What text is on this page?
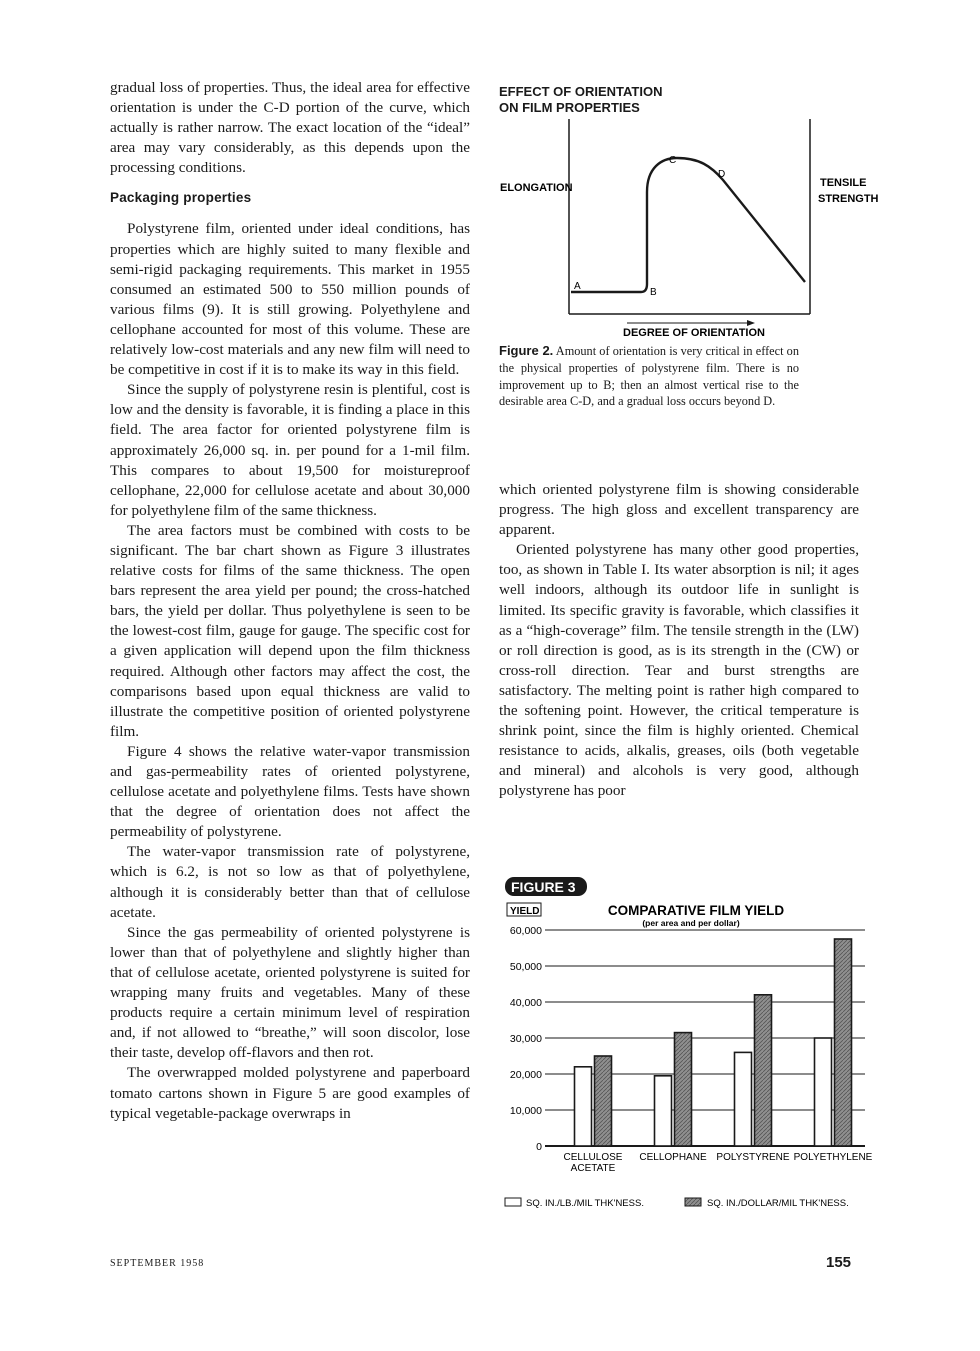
gradual loss of properties. Thus, the ideal area for effective orientation is under the C-D portion of the curve, which actually is rather narrow. The exact location of the “ideal” area may vary considerably, as this depends upon the processing conditions.

Packaging properties

Polystyrene film, oriented under ideal conditions, has properties which are highly suited to many flexible and semi-rigid packaging requirements. This market in 1955 consumed an estimated 500 to 550 million pounds of various films (9). It is still growing. Polyethylene and cellophane accounted for most of this volume. These are relatively low-cost materials and any new film will need to be competitive in cost if it is to make its way in this field.

Since the supply of polystyrene resin is plentiful, cost is low and the density is favorable, it is finding a place in this field. The area factor for oriented polystyrene film is approximately 26,000 sq. in. per pound for a 1-mil film. This compares to about 19,500 for moistureproof cellophane, 22,000 for cellulose acetate and about 30,000 for polyethylene film of the same thickness.

The area factors must be combined with costs to be significant. The bar chart shown as Figure 3 illustrates relative costs for films of the same thickness. The open bars represent the area yield per pound; the cross-hatched bars, the yield per dollar. Thus polyethylene is seen to be the lowest-cost film, gauge for gauge. The specific cost for a given application will depend upon the film thickness required. Although other factors may affect the cost, the comparisons based upon equal thickness are valid to illustrate the competitive position of oriented polystyrene film.

Figure 4 shows the relative water-vapor transmission and gas-permeability rates of oriented polystyrene, cellulose acetate and polyethylene films. Tests have shown that the degree of orientation does not affect the permeability of polystyrene.

The water-vapor transmission rate of polystyrene, which is 6.2, is not so low as that of polyethylene, although it is considerably better than that of cellulose acetate.

Since the gas permeability of oriented polystyrene is lower than that of polyethylene and slightly higher than that of cellulose acetate, oriented polystyrene is suited for wrapping many fruits and vegetables. Many of these products require a certain minimum level of respiration and, if not allowed to “breathe,” will soon discolor, lose their taste, develop off-flavors and then rot.

The overwrapped molded polystyrene and paperboard tomato cartons shown in Figure 5 are good examples of typical vegetable-package overwraps in

EFFECT OF ORIENTATION
ON FILM PROPERTIES
ELONGATION	TENSILE
STRENGTH
DEGREE OF ORIENTATION
A
B
C
D
Figure 2. Amount of orientation is very critical in effect on the physical properties of polystyrene film. There is no improvement up to B; then an almost vertical rise to the desirable area C-D, and a gradual loss occurs beyond D.

which oriented polystyrene film is showing considerable progress. The high gloss and excellent transparency are apparent.

Oriented polystyrene has many other good properties, too, as shown in Table I. Its water absorption is nil; it ages well indoors, although its outdoor life in sunlight is limited. Its specific gravity is favorable, which classifies it as a “high-coverage” film. The tensile strength in the (LW) or roll direction is good, as is its strength in the (CW) or cross-roll direction. Tear and burst strengths are satisfactory. The melting point is rather high compared to the softening point. However, the critical temperature is shrink point, since the film is highly oriented. Chemical resistance to acids, alkalis, greases, oils (both vegetable and mineral) and alcohols is very good, although polystyrene has poor

FIGURE 3
YIELD	COMPARATIVE FILM YIELD
(per area and per dollar)
0
10,000
20,000
30,000
40,000
50,000
60,000
CELLULOSE
ACETATE
CELLOPHANE POLYSTYRENE POLYETHYLENE
SQ. IN./LB./MIL THK'NESS.	SQ. IN./DOLLAR/MIL THK'NESS.
SEPTEMBER 1958	155
